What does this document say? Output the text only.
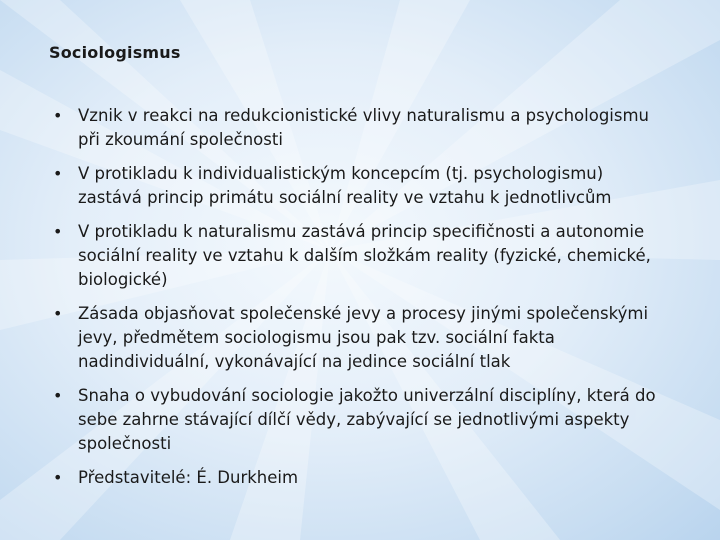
Sociologismus
• Vznik v reakci na redukcionistické vlivy naturalismu a psychologismu při zkoumání společnosti
• V protikladu k individualistickým koncepcím (tj. psychologismu) zastává princip primátu sociální reality ve vztahu k jednotlivcům
• V protikladu k naturalismu zastává princip specifičnosti a autonomie sociální reality ve vztahu k dalším složkám reality (fyzické, chemické, biologické)
• Zásada objasňovat společenské jevy a procesy jinými společenskými jevy, předmětem sociologismu jsou pak tzv. sociální fakta nadindividuální, vykonávající na jedince sociální tlak
• Snaha o vybudování sociologie jakožto univerzální disciplíny, která do sebe zahrne stávající dílčí vědy, zabývající se jednotlivými aspekty společnosti
• Představitelé: É. Durkheim
